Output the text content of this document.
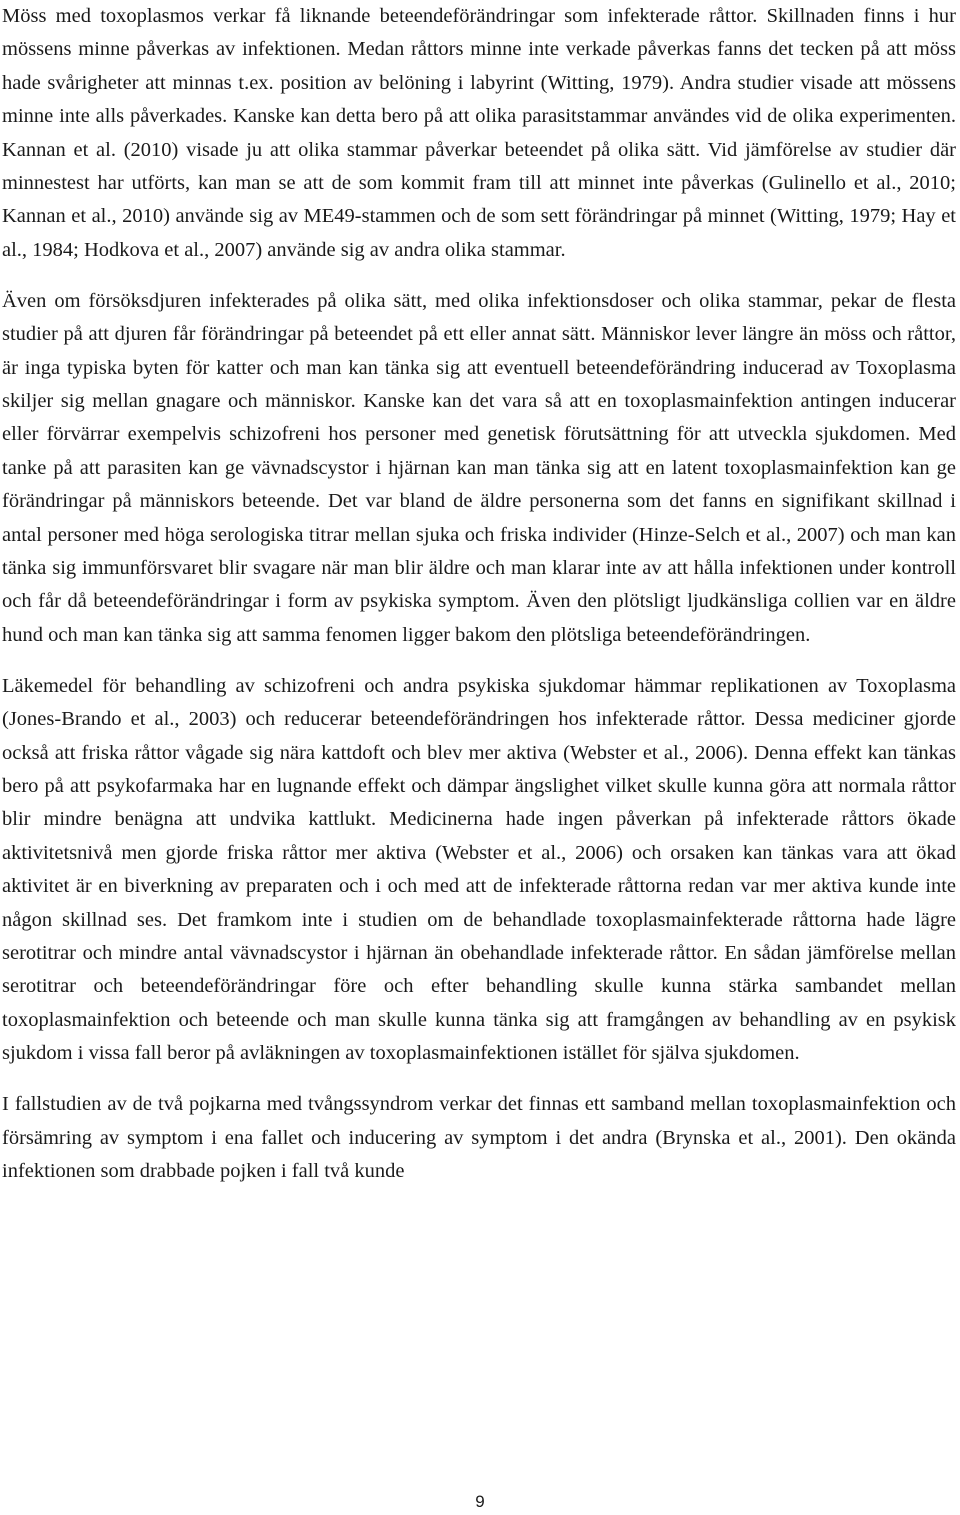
Möss med toxoplasmos verkar få liknande beteendeförändringar som infekterade råttor. Skillnaden finns i hur mössens minne påverkas av infektionen. Medan råttors minne inte verkade påverkas fanns det tecken på att möss hade svårigheter att minnas t.ex. position av belöning i labyrint (Witting, 1979). Andra studier visade att mössens minne inte alls påverkades. Kanske kan detta bero på att olika parasitstammar användes vid de olika experimenten. Kannan et al. (2010) visade ju att olika stammar påverkar beteendet på olika sätt. Vid jämförelse av studier där minnestest har utförts, kan man se att de som kommit fram till att minnet inte påverkas (Gulinello et al., 2010; Kannan et al., 2010) använde sig av ME49-stammen och de som sett förändringar på minnet (Witting, 1979; Hay et al., 1984; Hodkova et al., 2007) använde sig av andra olika stammar.

Även om försöksdjuren infekterades på olika sätt, med olika infektionsdoser och olika stammar, pekar de flesta studier på att djuren får förändringar på beteendet på ett eller annat sätt. Människor lever längre än möss och råttor, är inga typiska byten för katter och man kan tänka sig att eventuell beteendeförändring inducerad av Toxoplasma skiljer sig mellan gnagare och människor. Kanske kan det vara så att en toxoplasmainfektion antingen inducerar eller förvärrar exempelvis schizofreni hos personer med genetisk förutsättning för att utveckla sjukdomen. Med tanke på att parasiten kan ge vävnadscystor i hjärnan kan man tänka sig att en latent toxoplasmainfektion kan ge förändringar på människors beteende. Det var bland de äldre personerna som det fanns en signifikant skillnad i antal personer med höga serologiska titrar mellan sjuka och friska individer (Hinze-Selch et al., 2007) och man kan tänka sig immunförsvaret blir svagare när man blir äldre och man klarar inte av att hålla infektionen under kontroll och får då beteendeförändringar i form av psykiska symptom. Även den plötsligt ljudkänsliga collien var en äldre hund och man kan tänka sig att samma fenomen ligger bakom den plötsliga beteendeförändringen.

Läkemedel för behandling av schizofreni och andra psykiska sjukdomar hämmar replikationen av Toxoplasma (Jones-Brando et al., 2003) och reducerar beteendeförändringen hos infekterade råttor. Dessa mediciner gjorde också att friska råttor vågade sig nära kattdoft och blev mer aktiva (Webster et al., 2006). Denna effekt kan tänkas bero på att psykofarmaka har en lugnande effekt och dämpar ängslighet vilket skulle kunna göra att normala råttor blir mindre benägna att undvika kattlukt. Medicinerna hade ingen påverkan på infekterade råttors ökade aktivitetsnivå men gjorde friska råttor mer aktiva (Webster et al., 2006) och orsaken kan tänkas vara att ökad aktivitet är en biverkning av preparaten och i och med att de infekterade råttorna redan var mer aktiva kunde inte någon skillnad ses. Det framkom inte i studien om de behandlade toxoplasmainfekterade råttorna hade lägre serotitrar och mindre antal vävnadscystor i hjärnan än obehandlade infekterade råttor. En sådan jämförelse mellan serotitrar och beteendeförändringar före och efter behandling skulle kunna stärka sambandet mellan toxoplasmainfektion och beteende och man skulle kunna tänka sig att framgången av behandling av en psykisk sjukdom i vissa fall beror på avläkningen av toxoplasmainfektionen istället för själva sjukdomen.

I fallstudien av de två pojkarna med tvångssyndrom verkar det finnas ett samband mellan toxoplasmainfektion och försämring av symptom i ena fallet och inducering av symptom i det andra (Brynska et al., 2001). Den okända infektionen som drabbade pojken i fall två kunde

9
